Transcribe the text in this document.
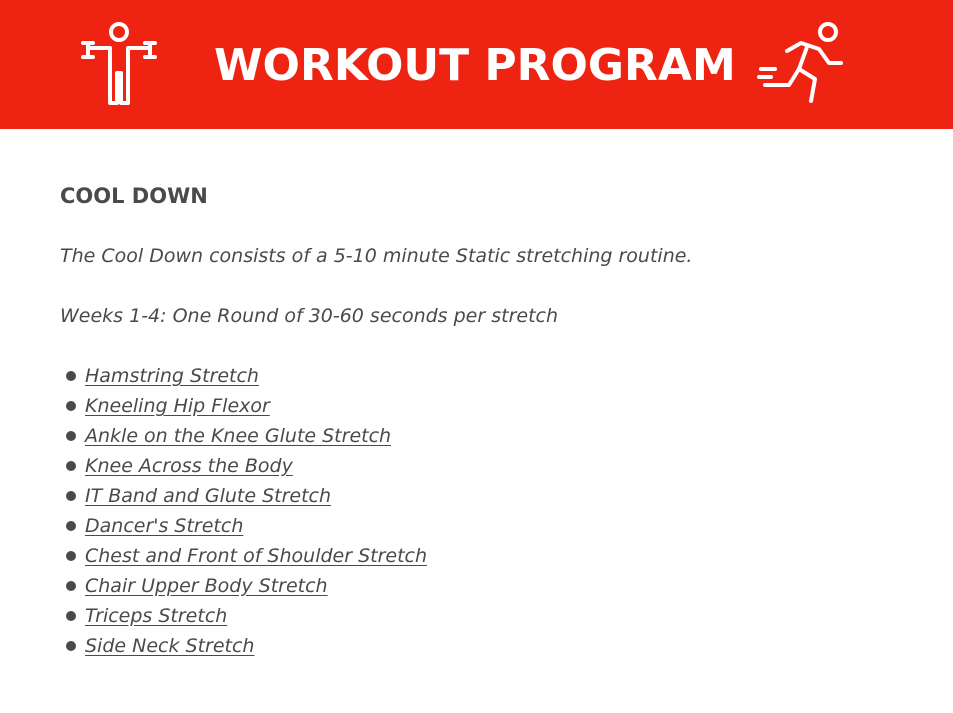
WORKOUT PROGRAM
COOL DOWN

The Cool Down consists of a 5-10 minute Static stretching routine.

Weeks 1-4: One Round of 30-60 seconds per stretch

Hamstring Stretch
Kneeling Hip Flexor
Ankle on the Knee Glute Stretch
Knee Across the Body
IT Band and Glute Stretch
Dancer's Stretch
Chest and Front of Shoulder Stretch
Chair Upper Body Stretch
Triceps Stretch
Side Neck Stretch
